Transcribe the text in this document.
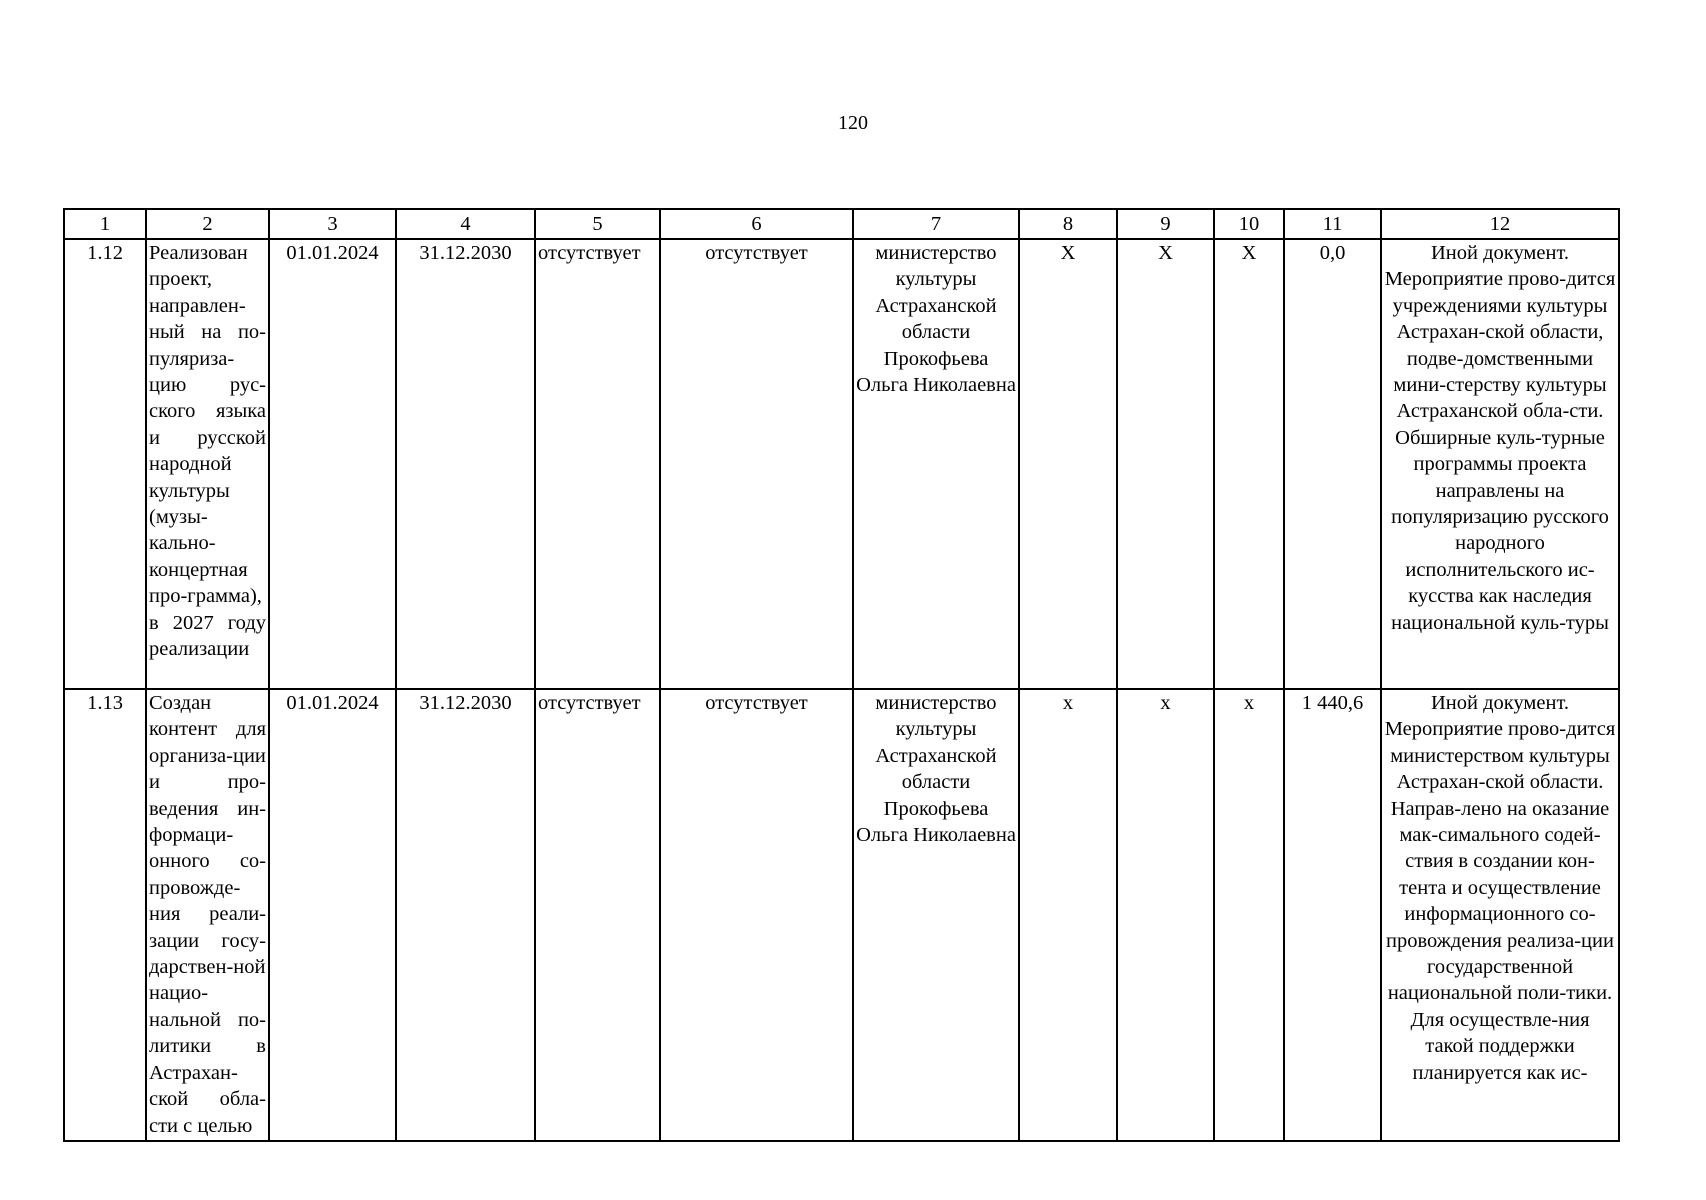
120
1	2	3	4	5	6	7	8	9	10	11	12
1.12	Реализован проект, направлен-ный на по-пуляриза-цию рус-ского языка и русской народной культуры (музы-кально-концертная про-грамма), в 2027 году реализации	01.01.2024	31.12.2030	отсутствует	отсутствует	министерство культуры Астраханской области Прокофьева Ольга Николаевна	X	X	X	0,0	Иной документ. Мероприятие прово-дится учреждениями культуры Астрахан-ской области, подве-домственными мини-стерству культуры Астраханской обла-сти. Обширные куль-турные программы проекта направлены на популяризацию русского народного исполнительского ис-кусства как наследия национальной куль-туры
1.13	Создан контент для организа-ции и про-ведения ин-формаци-онного со-провожде-ния реали-зации госу-дарствен-ной нацио-нальной по-литики в Астрахан-ской обла-сти с целью	01.01.2024	31.12.2030	отсутствует	отсутствует	министерство культуры Астраханской области Прокофьева Ольга Николаевна	x	x	x	1 440,6	Иной документ. Мероприятие прово-дится министерством культуры Астрахан-ской области. Направ-лено на оказание мак-симального содей-ствия в создании кон-тента и осуществление информационного со-провождения реализа-ции государственной национальной поли-тики. Для осуществле-ния такой поддержки планируется как ис-
